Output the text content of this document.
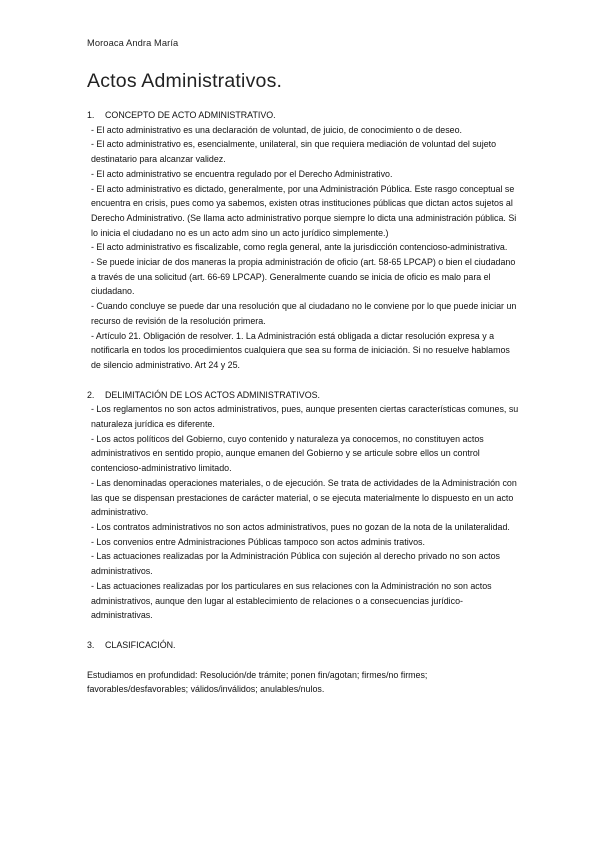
Moroaca Andra María
Actos Administrativos.
1.	CONCEPTO DE ACTO ADMINISTRATIVO.

- El acto administrativo es una declaración de voluntad, de juicio, de conocimiento o de deseo.

- El acto administrativo es, esencialmente, unilateral, sin que requiera mediación de voluntad del sujeto destinatario para alcanzar validez.

- El acto administrativo se encuentra regulado por el Derecho Administrativo.

- El acto administrativo es dictado, generalmente, por una Administración Pública. Este rasgo conceptual se encuentra en crisis, pues como ya sabemos, existen otras instituciones públicas que dictan actos sujetos al Derecho Administrativo. (Se llama acto administrativo porque siempre lo dicta una administración pública. Si lo inicia el ciudadano no es un acto adm sino un acto jurídico simplemente.)

- El acto administrativo es fiscalizable, como regla general, ante la jurisdicción contencioso-administrativa.

- Se puede iniciar de dos maneras la propia administración de oficio (art. 58-65 LPCAP) o bien el ciudadano a través de una solicitud (art. 66-69 LPCAP). Generalmente cuando se inicia de oficio es malo para el ciudadano.

- Cuando concluye se puede dar una resolución que al ciudadano no le conviene por lo que puede iniciar un recurso de revisión de la resolución primera.

- Artículo 21. Obligación de resolver. 1. La Administración está obligada a dictar resolución expresa y a notificarla en todos los procedimientos cualquiera que sea su forma de iniciación. Si no resuelve hablamos de silencio administrativo. Art 24 y 25.

2.	DELIMITACIÓN DE LOS ACTOS ADMINISTRATIVOS.

- Los reglamentos no son actos administrativos, pues, aunque presenten ciertas características comunes, su naturaleza jurídica es diferente.

- Los actos políticos del Gobierno, cuyo contenido y naturaleza ya conocemos, no constituyen actos administrativos en sentido propio, aunque emanen del Gobierno y se articule sobre ellos un control contencioso-administrativo limitado.

- Las denominadas operaciones materiales, o de ejecución. Se trata de actividades de la Administración con las que se dispensan prestaciones de carácter material, o se ejecuta materialmente lo dispuesto en un acto administrativo.

- Los contratos administrativos no son actos administrativos, pues no gozan de la nota de la unilateralidad.

- Los convenios entre Administraciones Públicas tampoco son actos adminis trativos.

- Las actuaciones realizadas por la Administración Pública con sujeción al derecho privado no son actos administrativos.

- Las actuaciones realizadas por los particulares en sus relaciones con la Administración no son actos administrativos, aunque den lugar al establecimiento de relaciones o a consecuencias jurídico-administrativas.

3.	CLASIFICACIÓN.

Estudiamos en profundidad: Resolución/de trámite; ponen fin/agotan; firmes/no firmes; favorables/desfavorables; válidos/inválidos; anulables/nulos.
